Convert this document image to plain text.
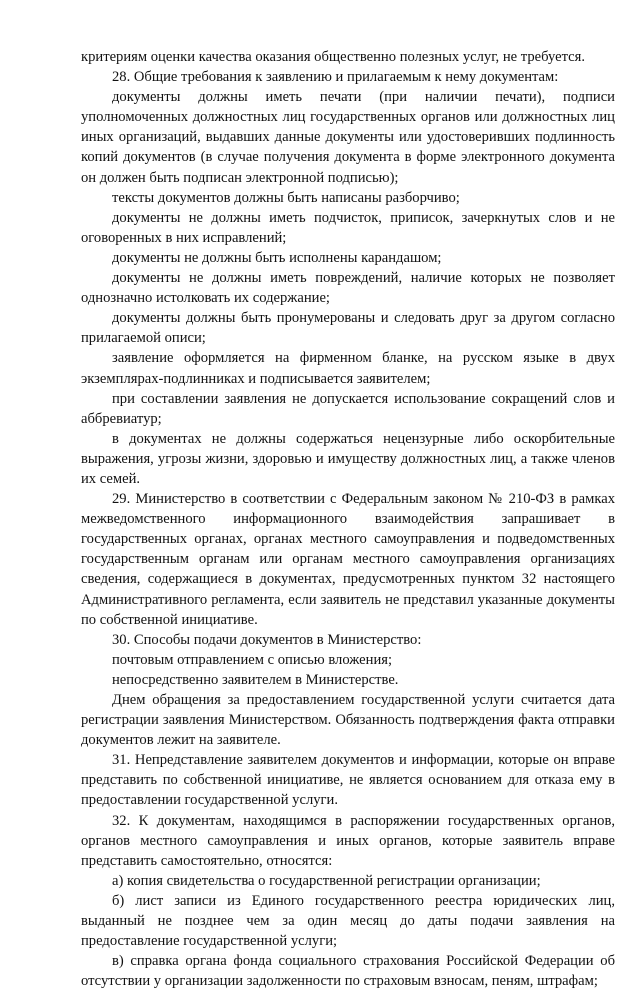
критериям оценки качества оказания общественно полезных услуг, не требуется.

28. Общие требования к заявлению и прилагаемым к нему документам:

документы должны иметь печати (при наличии печати), подписи уполномоченных должностных лиц государственных органов или должностных лиц иных организаций, выдавших данные документы или удостоверивших подлинность копий документов (в случае получения документа в форме электронного документа он должен быть подписан электронной подписью);

тексты документов должны быть написаны разборчиво;

документы не должны иметь подчисток, приписок, зачеркнутых слов и не оговоренных в них исправлений;

документы не должны быть исполнены карандашом;

документы не должны иметь повреждений, наличие которых не позволяет однозначно истолковать их содержание;

документы должны быть пронумерованы и следовать друг за другом согласно прилагаемой описи;

заявление оформляется на фирменном бланке, на русском языке в двух экземплярах-подлинниках и подписывается заявителем;

при составлении заявления не допускается использование сокращений слов и аббревиатур;

в документах не должны содержаться нецензурные либо оскорбительные выражения, угрозы жизни, здоровью и имуществу должностных лиц, а также членов их семей.

29. Министерство в соответствии с Федеральным законом № 210-ФЗ в рамках межведомственного информационного взаимодействия запрашивает в государственных органах, органах местного самоуправления и подведомственных государственным органам или органам местного самоуправления организациях сведения, содержащиеся в документах, предусмотренных пунктом 32 настоящего Административного регламента, если заявитель не представил указанные документы по собственной инициативе.

30. Способы подачи документов в Министерство:

почтовым отправлением с описью вложения;

непосредственно заявителем в Министерстве.

Днем обращения за предоставлением государственной услуги считается дата регистрации заявления Министерством. Обязанность подтверждения факта отправки документов лежит на заявителе.

31. Непредставление заявителем документов и информации, которые он вправе представить по собственной инициативе, не является основанием для отказа ему в предоставлении государственной услуги.

32. К документам, находящимся в распоряжении государственных органов, органов местного самоуправления и иных органов, которые заявитель вправе представить самостоятельно, относятся:

а) копия свидетельства о государственной регистрации организации;

б) лист записи из Единого государственного реестра юридических лиц, выданный не позднее чем за один месяц до даты подачи заявления на предоставление государственной услуги;

в) справка органа фонда социального страхования Российской Федерации об отсутствии у организации задолженности по страховым взносам, пеням, штрафам;
